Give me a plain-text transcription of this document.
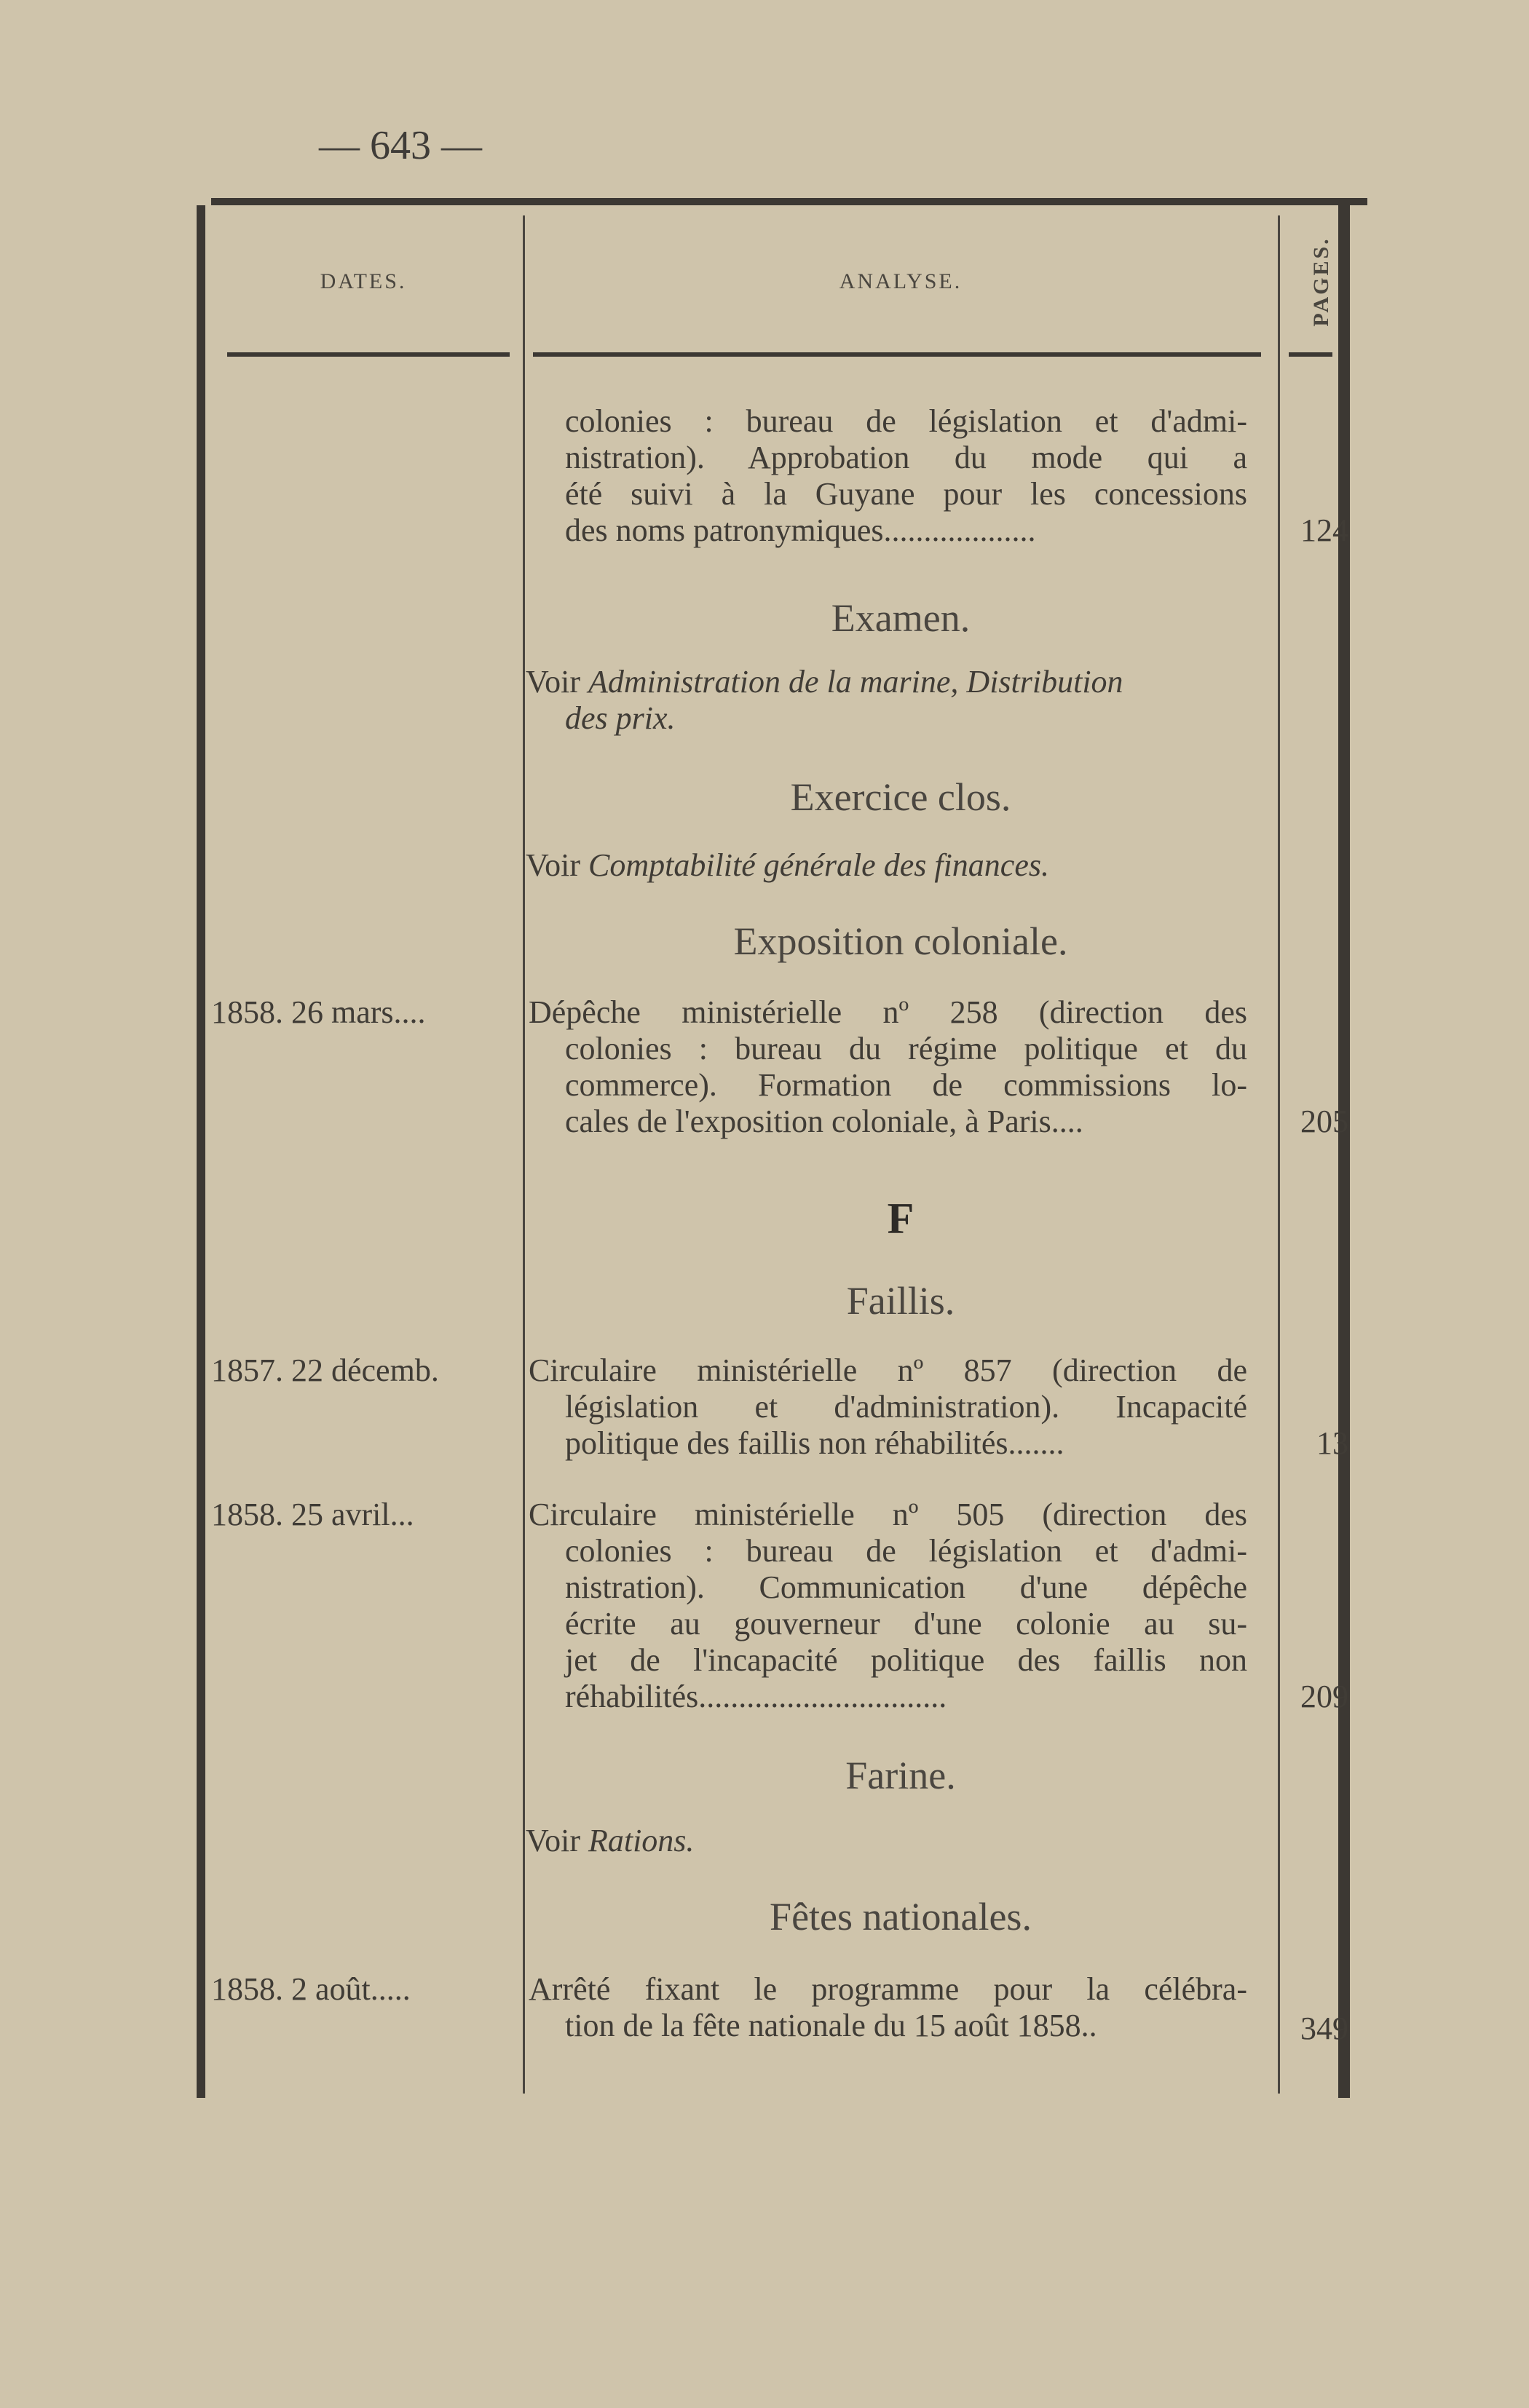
— 643 —
DATES.	ANALYSE.	PAGES.
colonies : bureau de législation et d'admi-
nistration). Approbation du mode qui a
été suivi à la Guyane pour les concessions
des noms patronymiques...................	124
Examen.
Voir Administration de la marine, Distribution
des prix.
Exercice clos.
Voir Comptabilité générale des finances.
Exposition coloniale.
1858. 26 mars....	Dépêche ministérielle nº 258 (direction des
colonies : bureau du régime politique et du
commerce). Formation de commissions lo-
cales de l'exposition coloniale, à Paris....	205
F
Faillis.
1857. 22 décemb.	Circulaire ministérielle nº 857 (direction de
législation et d'administration). Incapacité
politique des faillis non réhabilités.......	13
1858. 25 avril...	Circulaire ministérielle nº 505 (direction des
colonies : bureau de législation et d'admi-
nistration). Communication d'une dépêche
écrite au gouverneur d'une colonie au su-
jet de l'incapacité politique des faillis non
réhabilités...............................	209
Farine.
Voir Rations.
Fêtes nationales.
1858. 2 août.....	Arrêté fixant le programme pour la célébra-
tion de la fête nationale du 15 août 1858..	349
